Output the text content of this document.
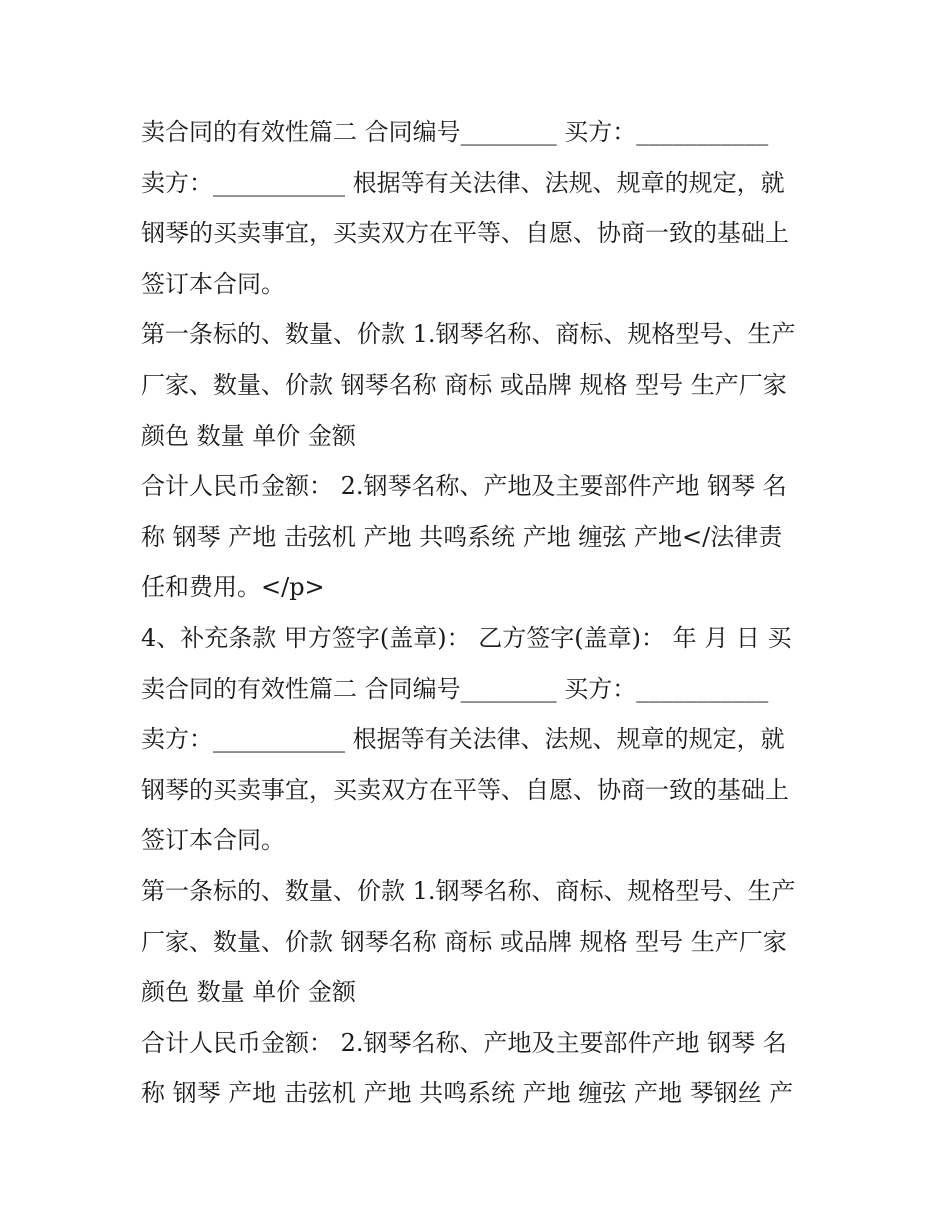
卖合同的有效性篇二 合同编号________ 买方：___________
卖方：___________ 根据等有关法律、法规、规章的规定，就
钢琴的买卖事宜，买卖双方在平等、自愿、协商一致的基础上
签订本合同。
第一条标的、数量、价款 1.钢琴名称、商标、规格型号、生产
厂家、数量、价款 钢琴名称 商标 或品牌 规格 型号 生产厂家
颜色 数量 单价 金额
合计人民币金额： 2.钢琴名称、产地及主要部件产地 钢琴 名
称 钢琴 产地 击弦机 产地 共鸣系统 产地 缠弦 产地</法律责
任和费用。</p>
4、补充条款 甲方签字(盖章)： 乙方签字(盖章)： 年 月 日 买
卖合同的有效性篇二 合同编号________ 买方：___________
卖方：___________ 根据等有关法律、法规、规章的规定，就
钢琴的买卖事宜，买卖双方在平等、自愿、协商一致的基础上
签订本合同。
第一条标的、数量、价款 1.钢琴名称、商标、规格型号、生产
厂家、数量、价款 钢琴名称 商标 或品牌 规格 型号 生产厂家
颜色 数量 单价 金额
合计人民币金额： 2.钢琴名称、产地及主要部件产地 钢琴 名
称 钢琴 产地 击弦机 产地 共鸣系统 产地 缠弦 产地 琴钢丝 产
